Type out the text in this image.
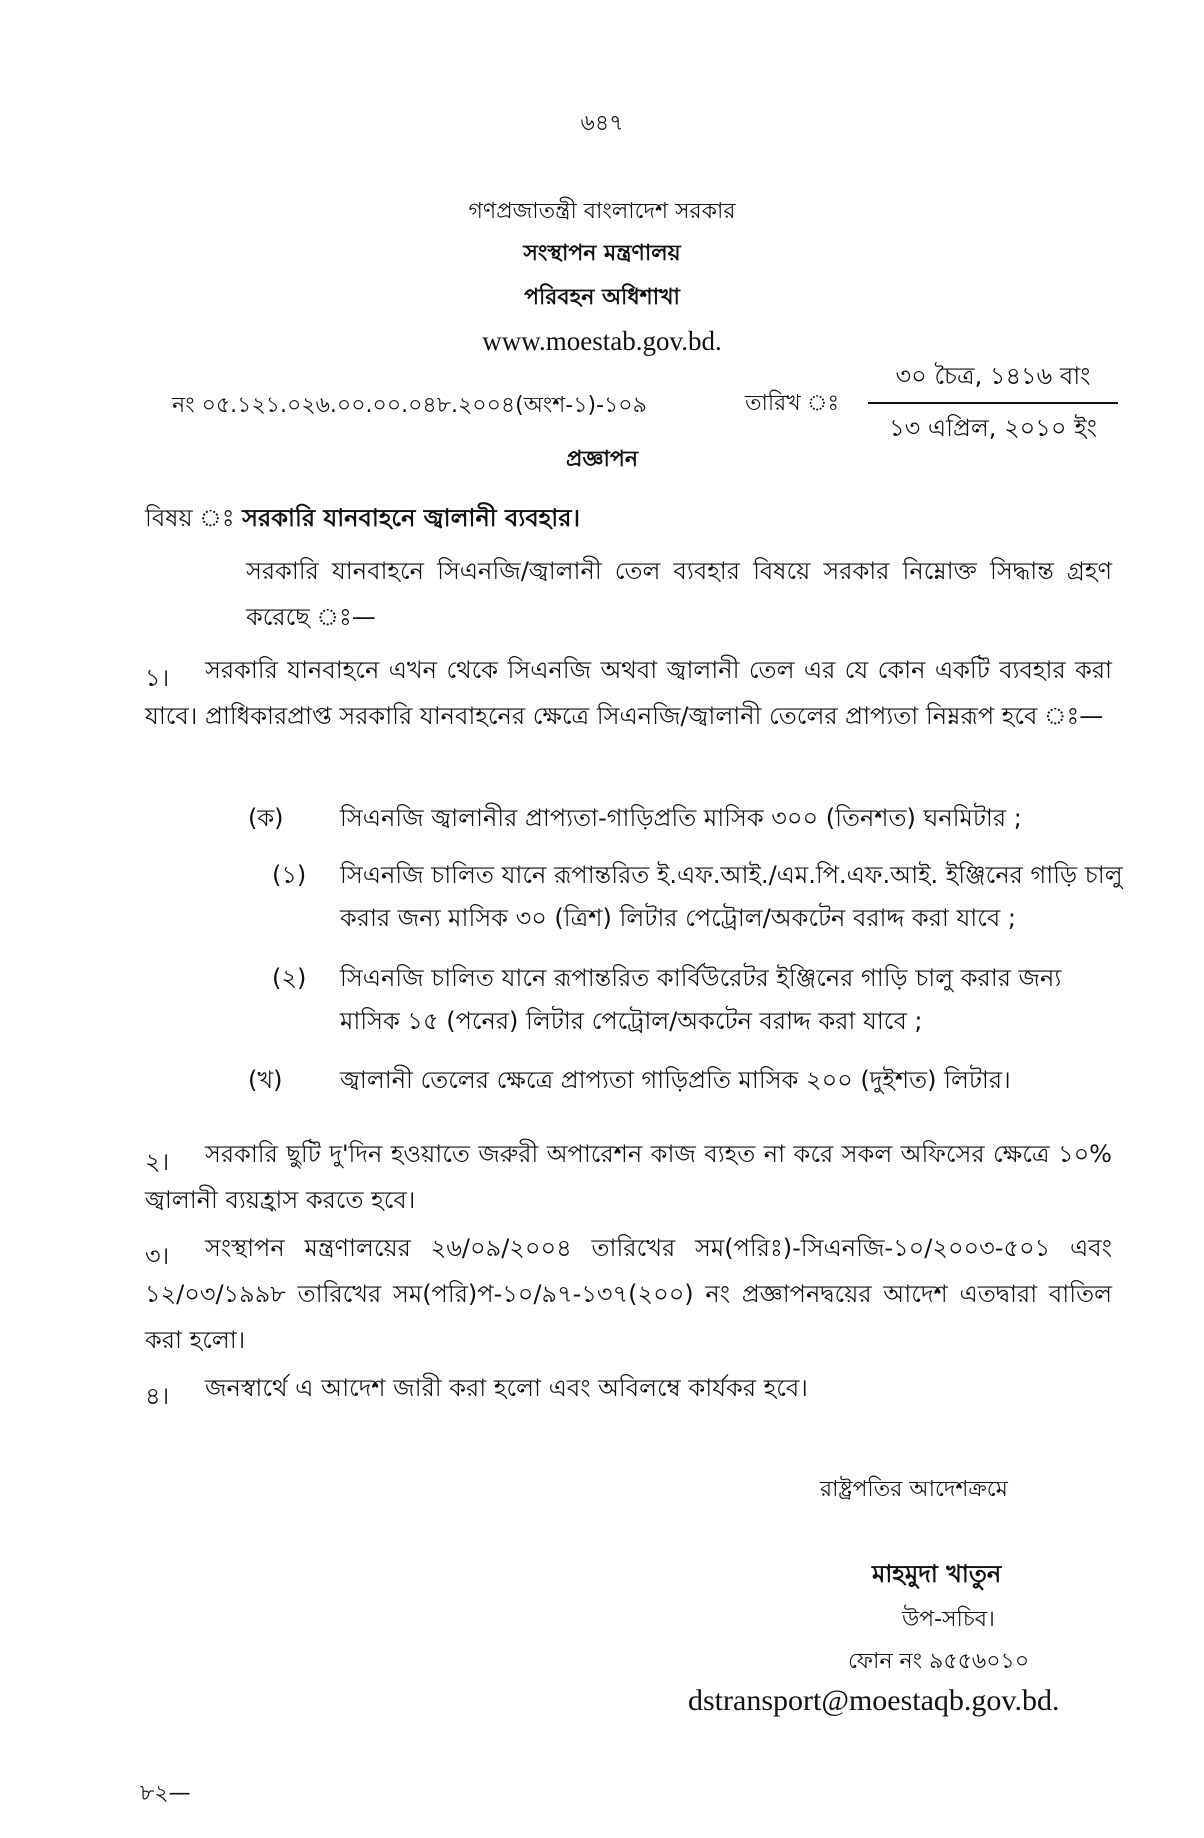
৬৪৭
গণপ্রজাতন্ত্রী বাংলাদেশ সরকার
সংস্থাপন মন্ত্রণালয়
পরিবহন অধিশাখা
www.moestab.gov.bd.
নং ০৫.১২১.০২৬.০০.০০.০৪৮.২০০৪(অংশ-১)-১০৯	তারিখ ঃ
৩০ চৈত্র, ১৪১৬ বাং
১৩ এপ্রিল, ২০১০ ইং
প্রজ্ঞাপন
বিষয় ঃ সরকারি যানবাহনে জ্বালানী ব্যবহার।
সরকারি যানবাহনে সিএনজি/জ্বালানী তেল ব্যবহার বিষয়ে সরকার নিম্নোক্ত সিদ্ধান্ত গ্রহণ করেছে ঃ—
১।	সরকারি যানবাহনে এখন থেকে সিএনজি অথবা জ্বালানী তেল এর যে কোন একটি ব্যবহার করা যাবে। প্রাধিকারপ্রাপ্ত সরকারি যানবাহনের ক্ষেত্রে সিএনজি/জ্বালানী তেলের প্রাপ্যতা নিম্নরূপ হবে ঃ—
(ক) সিএনজি জ্বালানীর প্রাপ্যতা-গাড়িপ্রতি মাসিক ৩০০ (তিনশত) ঘনমিটার ;
(১) সিএনজি চালিত যানে রূপান্তরিত ই.এফ.আই./এম.পি.এফ.আই. ইঞ্জিনের গাড়ি চালু
করার জন্য মাসিক ৩০ (ত্রিশ) লিটার পেট্রোল/অকটেন বরাদ্দ করা যাবে ;
(২) সিএনজি চালিত যানে রূপান্তরিত কার্বিউরেটর ইঞ্জিনের গাড়ি চালু করার জন্য
মাসিক ১৫ (পনের) লিটার পেট্রোল/অকটেন বরাদ্দ করা যাবে ;
(খ) জ্বালানী তেলের ক্ষেত্রে প্রাপ্যতা গাড়িপ্রতি মাসিক ২০০ (দুইশত) লিটার।
২।	সরকারি ছুটি দু'দিন হওয়াতে জরুরী অপারেশন কাজ ব্যহত না করে সকল অফিসের ক্ষেত্রে ১০% জ্বালানী ব্যয়হ্রাস করতে হবে।
৩।	সংস্থাপন মন্ত্রণালয়ের ২৬/০৯/২০০৪ তারিখের সম(পরিঃ)-সিএনজি-১০/২০০৩-৫০১ এবং ১২/০৩/১৯৯৮ তারিখের সম(পরি)প-১০/৯৭-১৩৭(২০০) নং প্রজ্ঞাপনদ্বয়ের আদেশ এতদ্বারা বাতিল করা হলো।
৪।	জনস্বার্থে এ আদেশ জারী করা হলো এবং অবিলম্বে কার্যকর হবে।
রাষ্ট্রপতির আদেশক্রমে
মাহমুদা খাতুন
উপ-সচিব।
ফোন নং ৯৫৫৬০১০
dstransport@moestaqb.gov.bd.
৮২—
